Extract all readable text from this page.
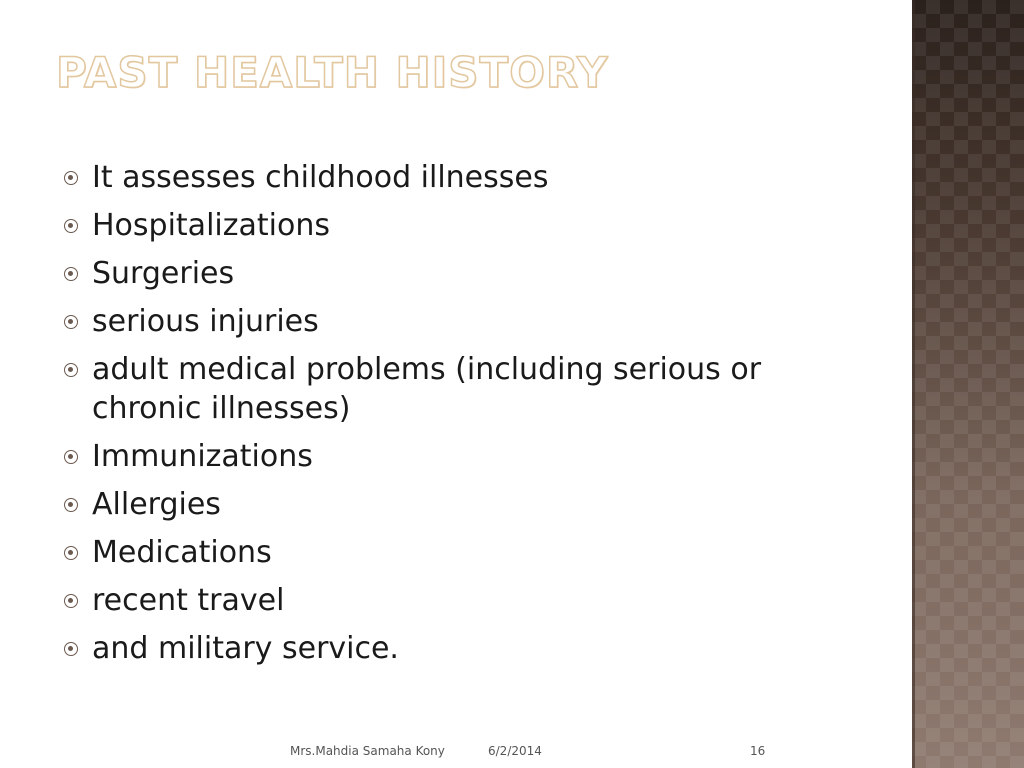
PAST HEALTH HISTORY
It assesses childhood illnesses
Hospitalizations
Surgeries
serious injuries
adult medical problems (including serious or chronic illnesses)
Immunizations
Allergies
Medications
recent travel
and military service.
Mrs.Mahdia Samaha Kony	6/2/2014	16
